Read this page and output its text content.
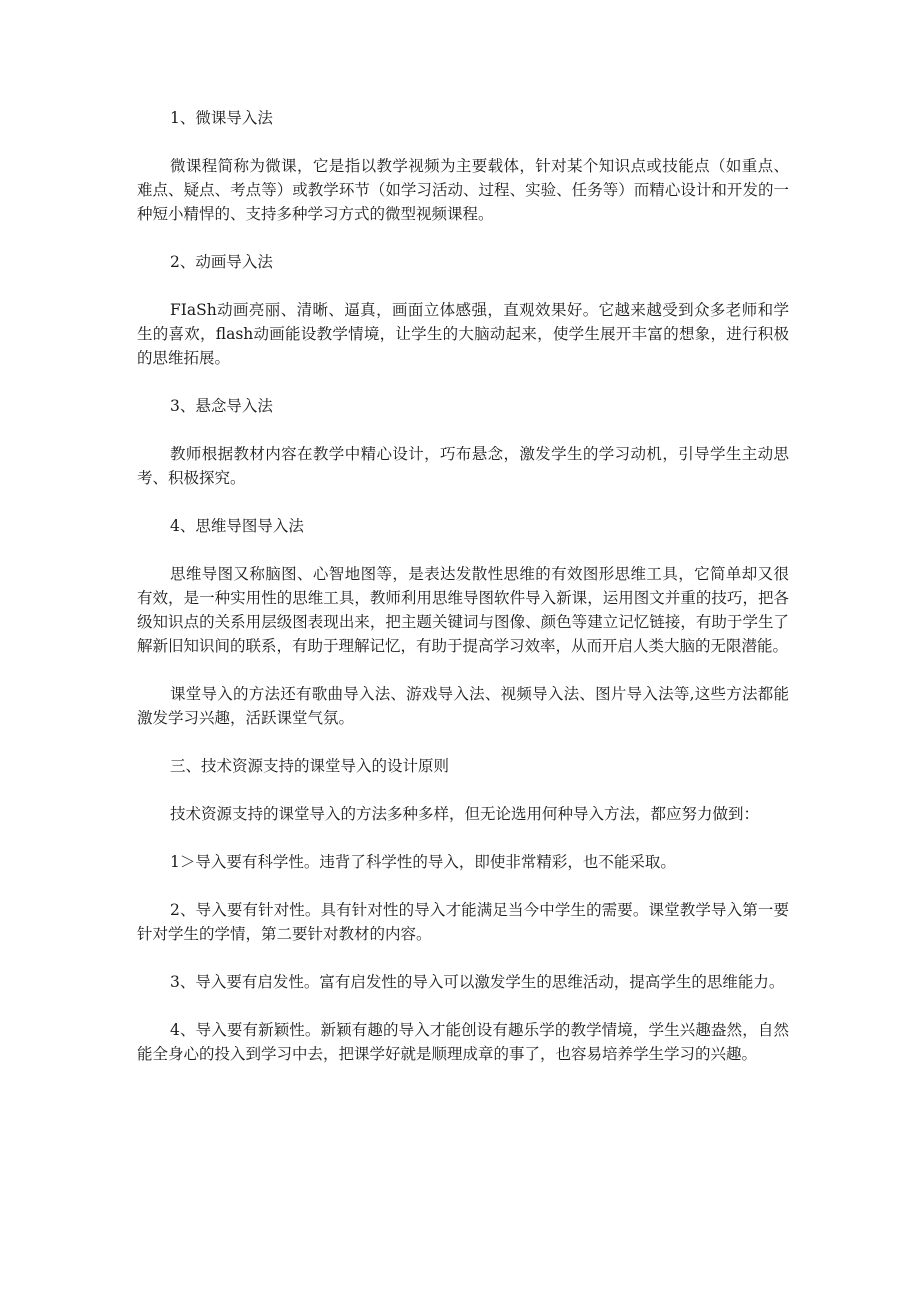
1、微课导入法

微课程简称为微课，它是指以教学视频为主要载体，针对某个知识点或技能点（如重点、难点、疑点、考点等）或教学环节（如学习活动、过程、实验、任务等）而精心设计和开发的一种短小精悍的、支持多种学习方式的微型视频课程。

2、动画导入法

FIaSh动画亮丽、清晰、逼真，画面立体感强，直观效果好。它越来越受到众多老师和学生的喜欢，flash动画能设教学情境，让学生的大脑动起来，使学生展开丰富的想象，进行积极的思维拓展。

3、悬念导入法

教师根据教材内容在教学中精心设计，巧布悬念，激发学生的学习动机，引导学生主动思考、积极探究。

4、思维导图导入法

思维导图又称脑图、心智地图等，是表达发散性思维的有效图形思维工具，它简单却又很有效，是一种实用性的思维工具，教师利用思维导图软件导入新课，运用图文并重的技巧，把各级知识点的关系用层级图表现出来，把主题关键词与图像、颜色等建立记忆链接，有助于学生了解新旧知识间的联系，有助于理解记忆，有助于提高学习效率，从而开启人类大脑的无限潜能。

课堂导入的方法还有歌曲导入法、游戏导入法、视频导入法、图片导入法等,这些方法都能激发学习兴趣，活跃课堂气氛。

三、技术资源支持的课堂导入的设计原则

技术资源支持的课堂导入的方法多种多样，但无论选用何种导入方法，都应努力做到：

1＞导入要有科学性。违背了科学性的导入，即使非常精彩，也不能采取。

2、导入要有针对性。具有针对性的导入才能满足当今中学生的需要。课堂教学导入第一要针对学生的学情，第二要针对教材的内容。

3、导入要有启发性。富有启发性的导入可以激发学生的思维活动，提高学生的思维能力。

4、导入要有新颖性。新颖有趣的导入才能创设有趣乐学的教学情境，学生兴趣盎然，自然能全身心的投入到学习中去，把课学好就是顺理成章的事了，也容易培养学生学习的兴趣。
